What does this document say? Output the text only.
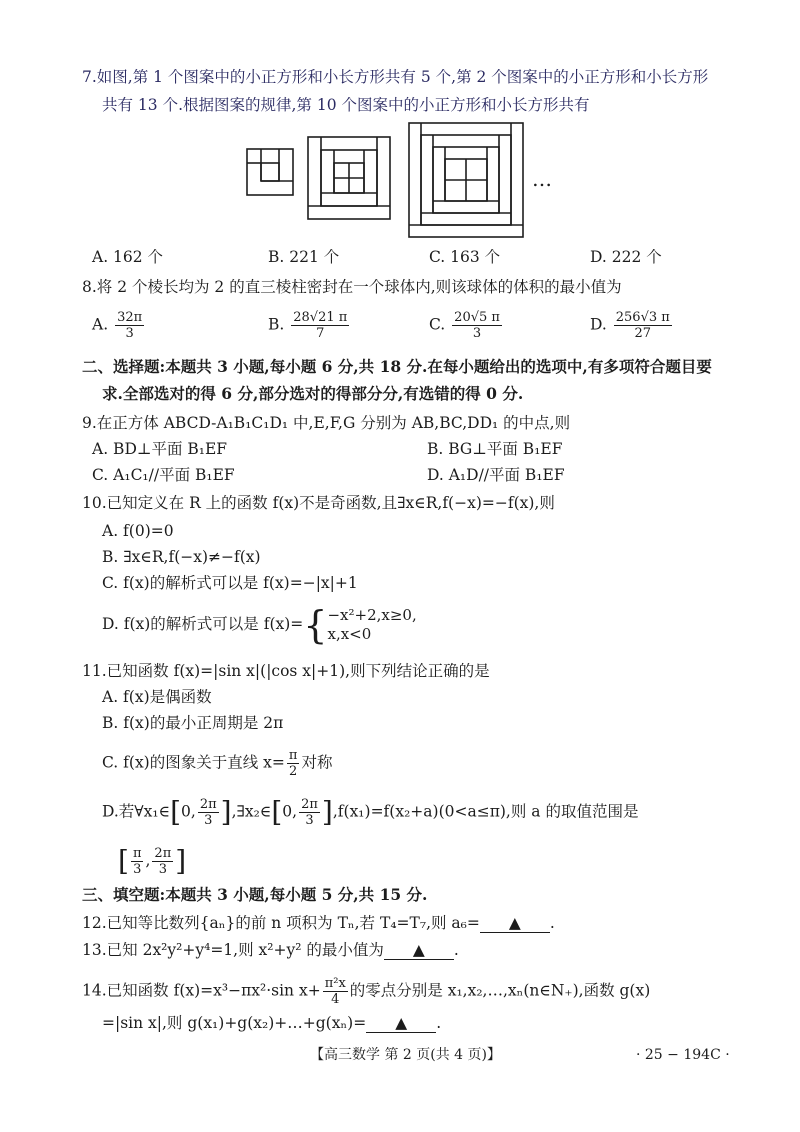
7.如图,第 1 个图案中的小正方形和小长方形共有 5 个,第 2 个图案中的小正方形和小长方形
共有 13 个.根据图案的规律,第 10 个图案中的小正方形和小长方形共有
…
A. 162 个	B. 221 个	C. 163 个	D. 222 个
8.将 2 个棱长均为 2 的直三棱柱密封在一个球体内,则该球体的体积的最小值为
A. $\frac{32\pi}{3}$	B. $\frac{28√21 \pi}{7}$	C. $\frac{20√5 \pi}{3}$	D. $\frac{256√3 \pi}{27}$
二、选择题:本题共 3 小题,每小题 6 分,共 18 分.在每小题给出的选项中,有多项符合题目要
求.全部选对的得 6 分,部分选对的得部分分,有选错的得 0 分.
9.在正方体 ABCD-A₁B₁C₁D₁ 中,E,F,G 分别为 AB,BC,DD₁ 的中点,则
A. BD⊥平面 B₁EF	B. BG⊥平面 B₁EF
C. A₁C₁//平面 B₁EF	D. A₁D//平面 B₁EF
10.已知定义在 R 上的函数 f(x)不是奇函数,且∃x∈R,f(−x)=−f(x),则
A. f(0)=0
B. ∃x∈R,f(−x)≠−f(x)
C. f(x)的解析式可以是 f(x)=−|x|+1
D. f(x)的解析式可以是 f(x)= { −x²+2,x≥0,
x,x<0
11.已知函数 f(x)=|sin x|(|cos x|+1),则下列结论正确的是
A. f(x)是偶函数
B. f(x)的最小正周期是 2π
C. f(x)的图象关于直线 $x= \frac{\pi}{2}$ 对称
D.若∀x₁∈[0, $\frac{2\pi}{3}$ ],∃x₂∈[0, $\frac{2\pi}{3} ],f(x_1)=f(x_2+a)(0<a\le\pi)$,则 a 的取值范围是
[ $\frac{\pi}{3}$ , $\frac{2\pi}{3}$ ]
三、填空题:本题共 3 小题,每小题 5 分,共 15 分.
12.已知等比数列{aₙ}的前 n 项积为 Tₙ,若 T₄=T₇,则 a₆= ▲ .
13.已知 2x²y²+y⁴=1,则 x²+y² 的最小值为 ▲ .
14.已知函数 f(x)=x³−πx²·sin $x+ \frac{\text{π²x}}{4}$ 的零点分别是 x₁,x₂,…,xₙ(n∈N₊),函数 g(x)
=|sin x|,则 g(x₁)+g(x₂)+…+g(xₙ)= ▲ .
【高三数学 第 2 页(共 4 页)】	· 25 − 194C ·
